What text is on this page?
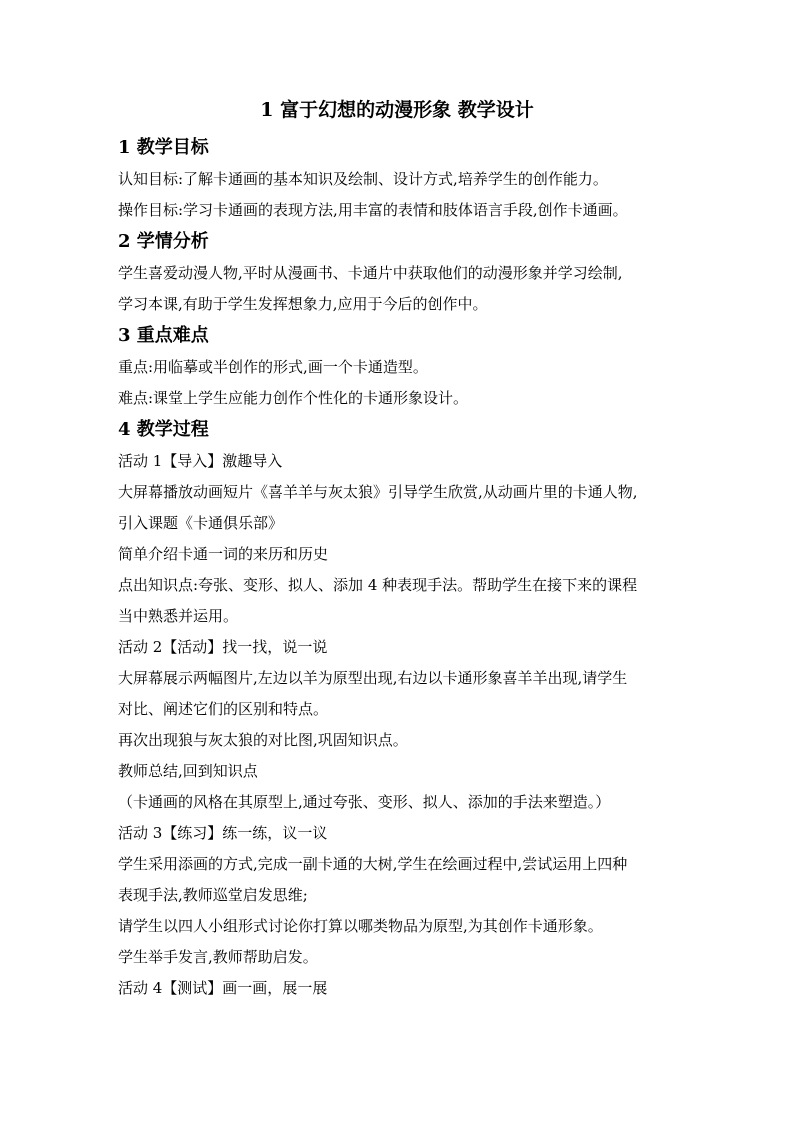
1 富于幻想的动漫形象 教学设计
1 教学目标
认知目标:了解卡通画的基本知识及绘制、设计方式,培养学生的创作能力。
操作目标:学习卡通画的表现方法,用丰富的表情和肢体语言手段,创作卡通画。
2 学情分析
学生喜爱动漫人物,平时从漫画书、卡通片中获取他们的动漫形象并学习绘制,
学习本课,有助于学生发挥想象力,应用于今后的创作中。
3 重点难点
重点:用临摹或半创作的形式,画一个卡通造型。
难点:课堂上学生应能力创作个性化的卡通形象设计。
4 教学过程
活动 1【导入】激趣导入
大屏幕播放动画短片《喜羊羊与灰太狼》引导学生欣赏,从动画片里的卡通人物,
引入课题《卡通俱乐部》
简单介绍卡通一词的来历和历史
点出知识点:夸张、变形、拟人、添加 4 种表现手法。帮助学生在接下来的课程
当中熟悉并运用。
活动 2【活动】找一找，说一说
大屏幕展示两幅图片,左边以羊为原型出现,右边以卡通形象喜羊羊出现,请学生
对比、阐述它们的区别和特点。
再次出现狼与灰太狼的对比图,巩固知识点。
教师总结,回到知识点
（卡通画的风格在其原型上,通过夸张、变形、拟人、添加的手法来塑造。）
活动 3【练习】练一练，议一议
学生采用添画的方式,完成一副卡通的大树,学生在绘画过程中,尝试运用上四种
表现手法,教师巡堂启发思维;
请学生以四人小组形式讨论你打算以哪类物品为原型,为其创作卡通形象。
学生举手发言,教师帮助启发。
活动 4【测试】画一画，展一展
